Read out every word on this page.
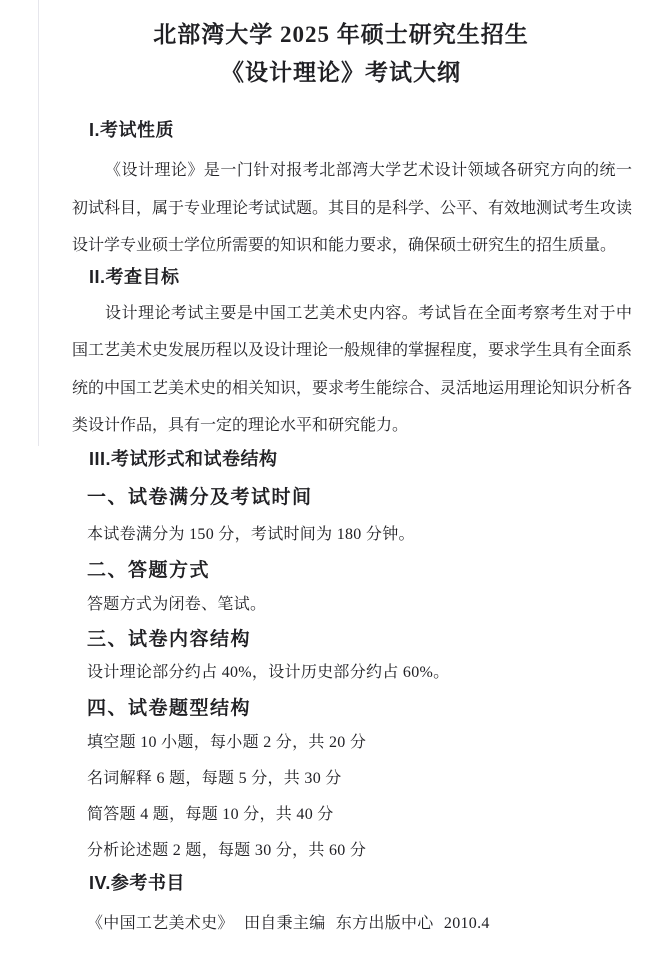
北部湾大学 2025 年硕士研究生招生
《设计理论》考试大纲
I.考试性质
《设计理论》是一门针对报考北部湾大学艺术设计领域各研究方向的统一初试科目，属于专业理论考试试题。其目的是科学、公平、有效地测试考生攻读设计学专业硕士学位所需要的知识和能力要求，确保硕士研究生的招生质量。
II.考查目标
设计理论考试主要是中国工艺美术史内容。考试旨在全面考察考生对于中国工艺美术史发展历程以及设计理论一般规律的掌握程度，要求学生具有全面系统的中国工艺美术史的相关知识，要求考生能综合、灵活地运用理论知识分析各类设计作品，具有一定的理论水平和研究能力。
III.考试形式和试卷结构
一、试卷满分及考试时间
本试卷满分为 150 分，考试时间为 180 分钟。
二、答题方式
答题方式为闭卷、笔试。
三、试卷内容结构
设计理论部分约占 40%，设计历史部分约占 60%。
四、试卷题型结构
填空题 10 小题，每小题 2 分，共 20 分
名词解释 6 题，每题 5 分，共 30 分
简答题 4 题，每题 10 分，共 40 分
分析论述题 2 题，每题 30 分，共 60 分
IV.参考书目
《中国工艺美术史》 田自秉主编 东方出版中心 2010.4
